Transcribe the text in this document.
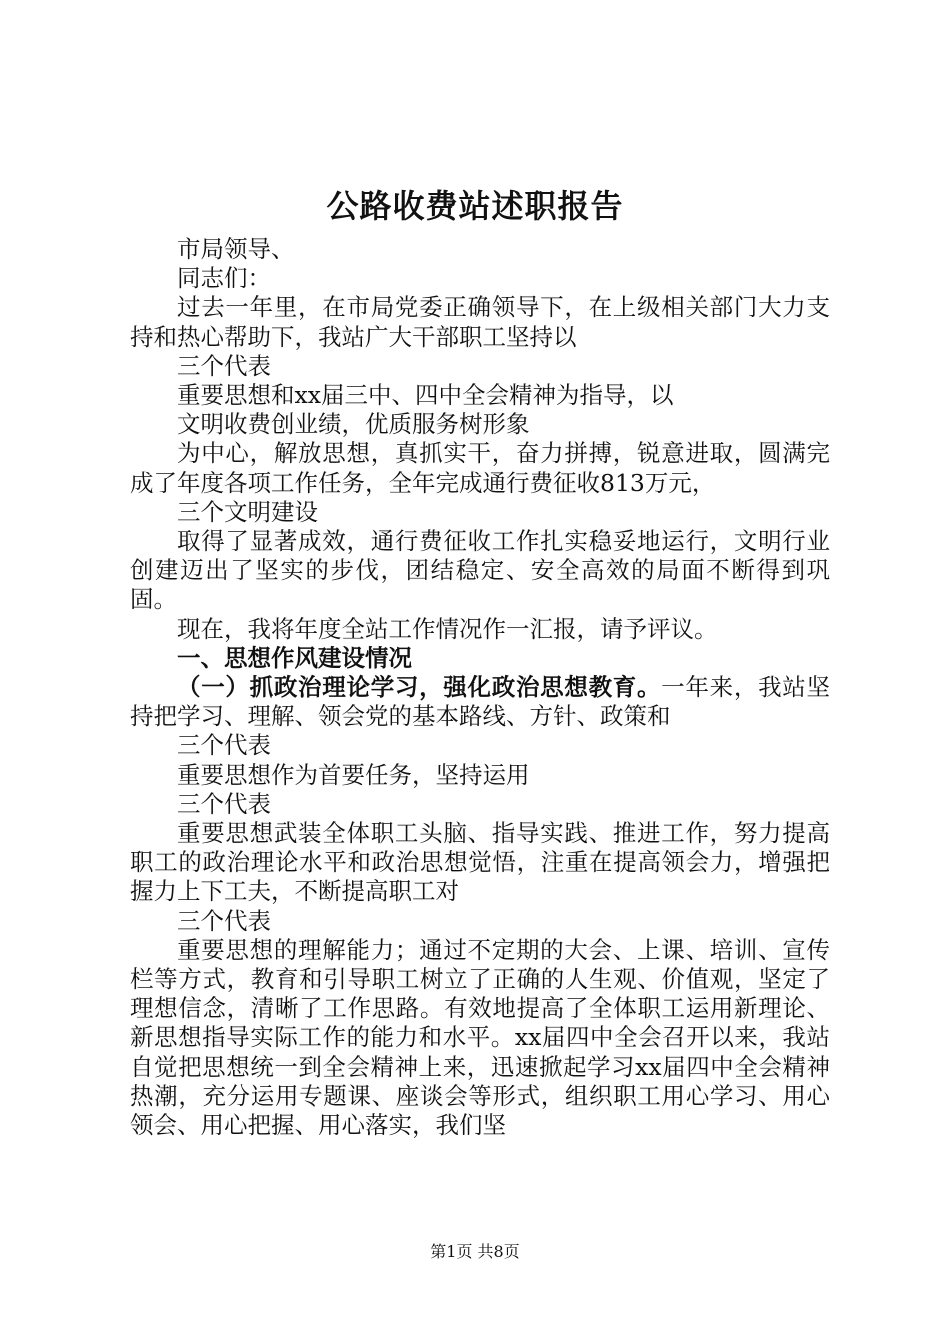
公路收费站述职报告

市局领导、

同志们：

过去一年里，在市局党委正确领导下，在上级相关部门大力支持和热心帮助下，我站广大干部职工坚持以

三个代表

重要思想和xx届三中、四中全会精神为指导，以

文明收费创业绩，优质服务树形象

为中心，解放思想，真抓实干，奋力拼搏，锐意进取，圆满完成了年度各项工作任务，全年完成通行费征收813万元，

三个文明建设

取得了显著成效，通行费征收工作扎实稳妥地运行，文明行业创建迈出了坚实的步伐，团结稳定、安全高效的局面不断得到巩固。

现在，我将年度全站工作情况作一汇报，请予评议。

一、思想作风建设情况

（一）抓政治理论学习，强化政治思想教育。一年来，我站坚持把学习、理解、领会党的基本路线、方针、政策和

三个代表

重要思想作为首要任务，坚持运用

三个代表

重要思想武装全体职工头脑、指导实践、推进工作，努力提高职工的政治理论水平和政治思想觉悟，注重在提高领会力，增强把握力上下工夫，不断提高职工对

三个代表

重要思想的理解能力；通过不定期的大会、上课、培训、宣传栏等方式，教育和引导职工树立了正确的人生观、价值观，坚定了理想信念，清晰了工作思路。有效地提高了全体职工运用新理论、新思想指导实际工作的能力和水平。xx届四中全会召开以来，我站自觉把思想统一到全会精神上来，迅速掀起学习xx届四中全会精神热潮，充分运用专题课、座谈会等形式，组织职工用心学习、用心领会、用心把握、用心落实，我们坚

第1页 共8页
